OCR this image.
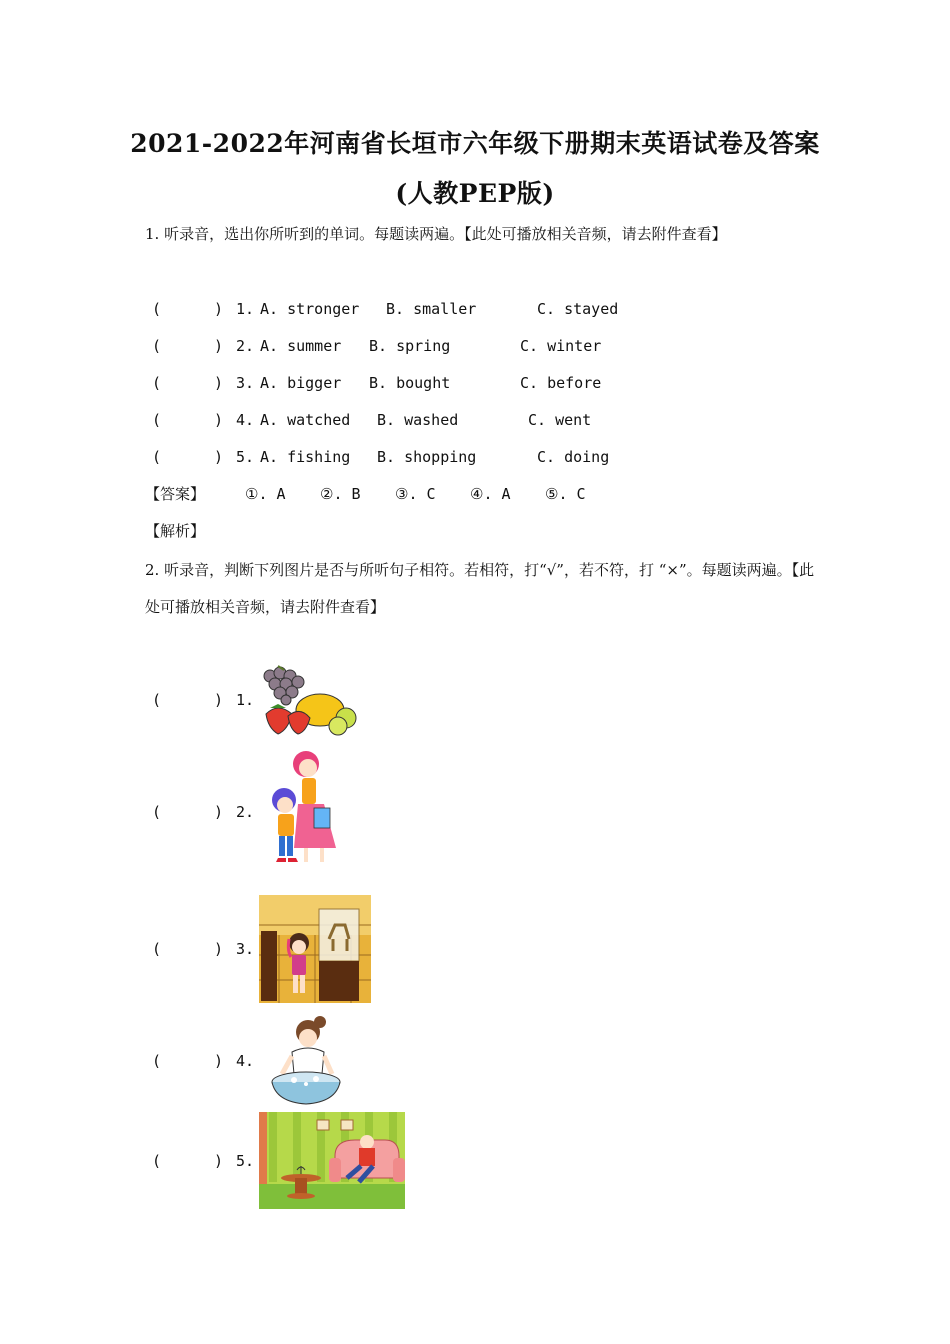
2021-2022年河南省长垣市六年级下册期末英语试卷及答案
(人教PEP版)
1. 听录音，选出你所听到的单词。每题读两遍。【此处可播放相关音频，请去附件查看】
(	) 1. A. stronger B. smaller	C. stayed
(	) 2. A. summer B. spring	C. winter
(	) 3. A. bigger B. bought	C. before
(	) 4. A. watched B. washed	C. went
(	) 5. A. fishing B. shopping	C. doing
【答案】	①. A ②. B ③. C ④. A ⑤. C
【解析】
2. 听录音，判断下列图片是否与所听句子相符。若相符，打“√”，若不符，打 “×”。每题读两遍。【此处可播放相关音频，请去附件查看】
(	) 1.
(	) 2.
(	) 3.
(	) 4.
(	) 5.
